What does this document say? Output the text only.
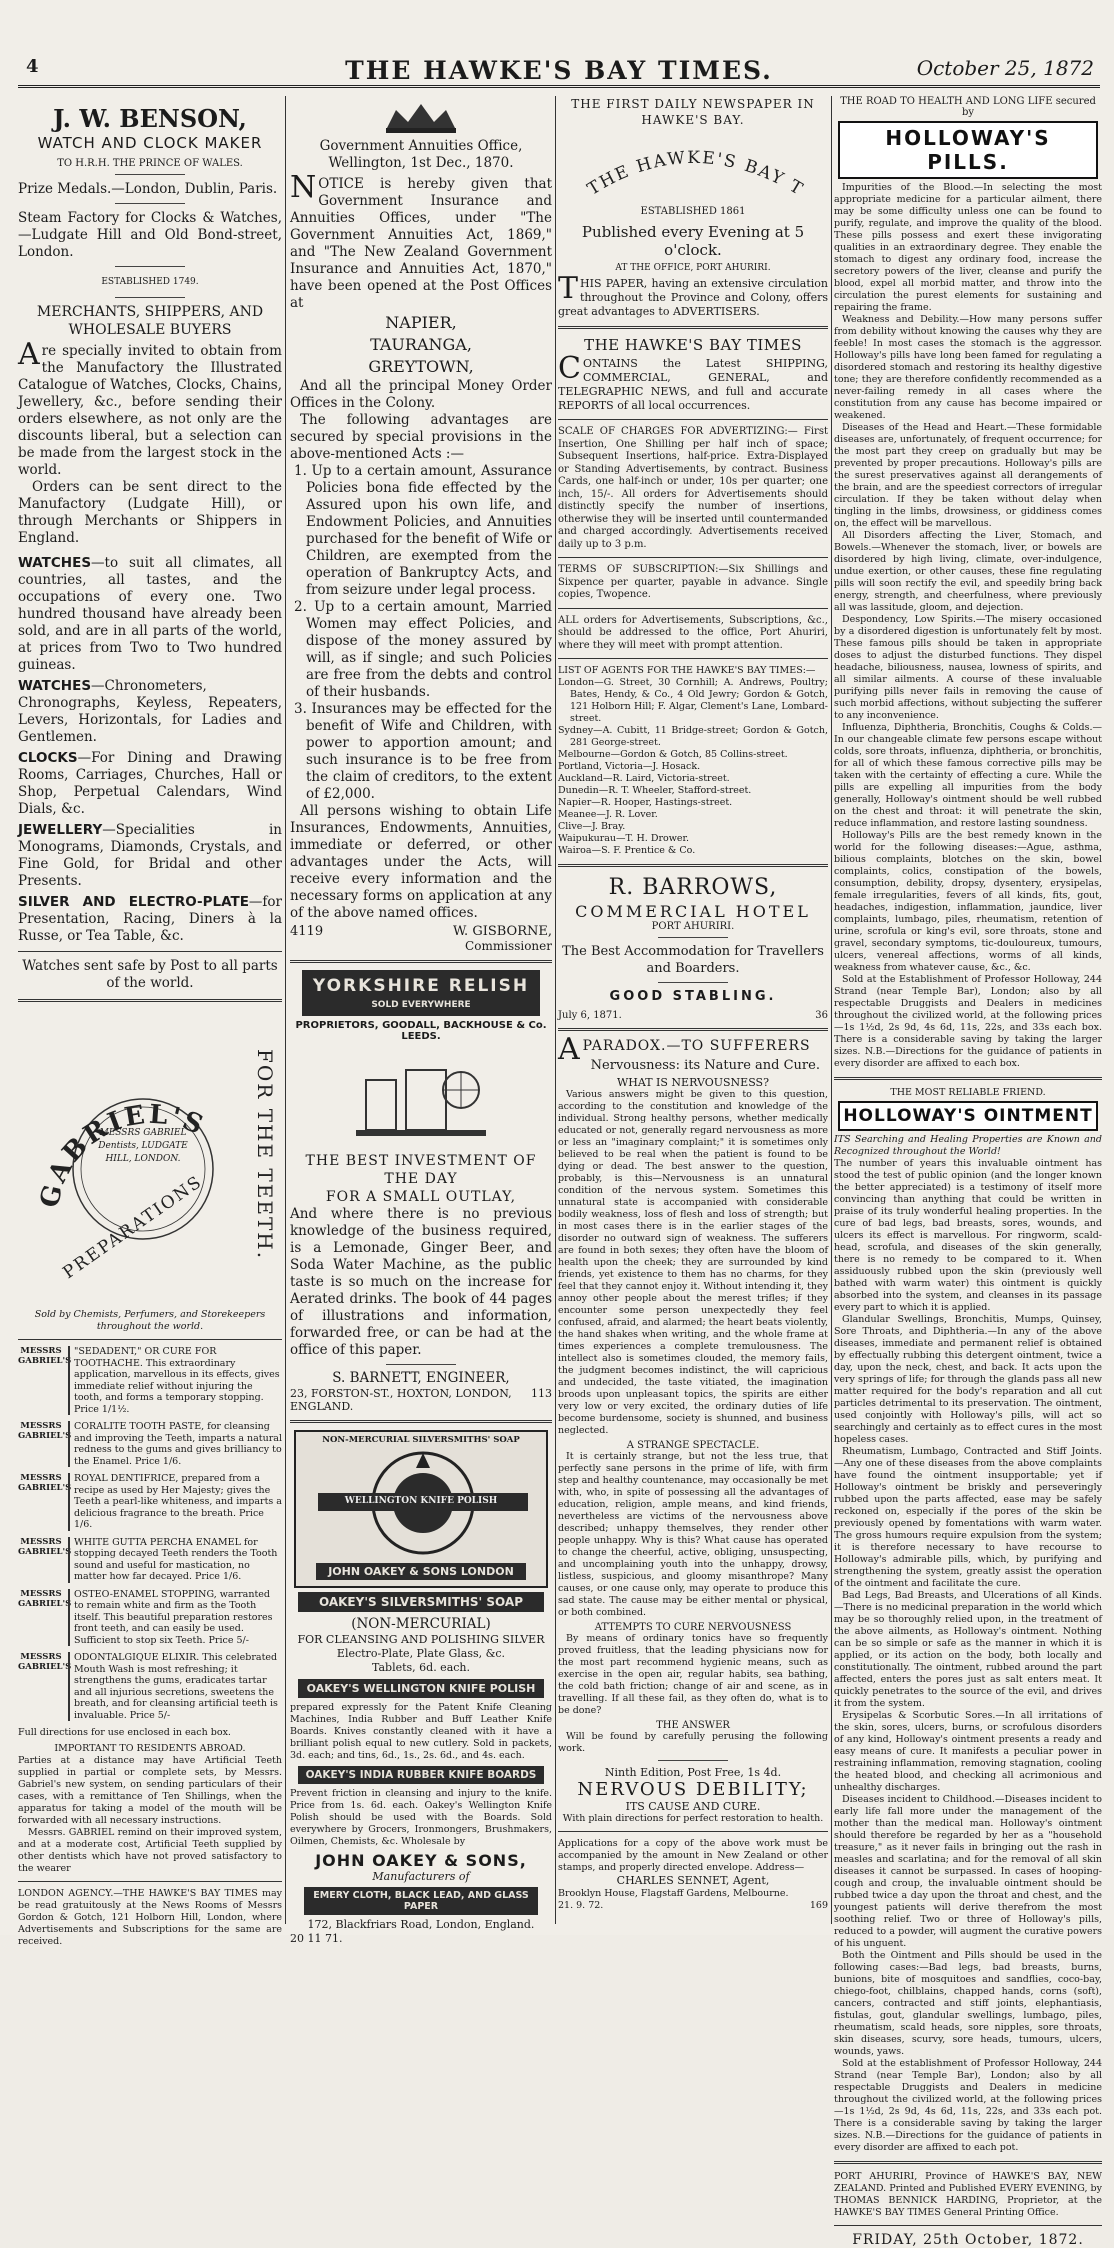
4	THE HAWKE'S BAY TIMES.	October 25, 1872
J. W. BENSON,
WATCH AND CLOCK MAKER
TO H.R.H. THE PRINCE OF WALES.

Prize Medals.—London, Dublin, Paris.

Steam Factory for Clocks & Watches, —Ludgate Hill and Old Bond-street, London.

ESTABLISHED 1749.
MERCHANTS, SHIPPERS, AND WHOLESALE BUYERS

Are specially invited to obtain from the Manufactory the Illustrated Catalogue of Watches, Clocks, Chains, Jewellery, &c., before sending their orders elsewhere, as not only are the discounts liberal, but a selection can be made from the largest stock in the world.

Orders can be sent direct to the Manufactory (Ludgate Hill), or through Merchants or Shippers in England.

WATCHES—to suit all climates, all countries, all tastes, and the occupations of every one. Two hundred thousand have already been sold, and are in all parts of the world, at prices from Two to Two hundred guineas.

WATCHES—Chronometers, Chronographs, Keyless, Repeaters, Levers, Horizontals, for Ladies and Gentlemen.

CLOCKS—For Dining and Drawing Rooms, Carriages, Churches, Hall or Shop, Perpetual Calendars, Wind Dials, &c.

JEWELLERY—Specialities in Monograms, Diamonds, Crystals, and Fine Gold, for Bridal and other Presents.

SILVER AND ELECTRO-PLATE—for Presentation, Racing, Diners à la Russe, or Tea Table, &c.

Watches sent safe by Post to all parts of the world.

GABRIEL'S FOR THE TEETH.
PREPARATIONS
MESSRS GABRIEL Dentists, LUDGATE HILL, LONDON.

Sold by Chemists, Perfumers, and Storekeepers throughout the world.

MESSRS GABRIEL'S
"SEDADENT," OR CURE FOR TOOTHACHE. This extraordinary application, marvellous in its effects, gives immediate relief without injuring the tooth, and forms a temporary stopping. Price 1/1½.
MESSRS GABRIEL'S
CORALITE TOOTH PASTE, for cleansing and improving the Teeth, imparts a natural redness to the gums and gives brilliancy to the Enamel. Price 1/6.
MESSRS GABRIEL'S
ROYAL DENTIFRICE, prepared from a recipe as used by Her Majesty; gives the Teeth a pearl-like whiteness, and imparts a delicious fragrance to the breath. Price 1/6.
MESSRS GABRIEL'S
WHITE GUTTA PERCHA ENAMEL for stopping decayed Teeth renders the Tooth sound and useful for mastication, no matter how far decayed. Price 1/6.
MESSRS GABRIEL'S
OSTEO-ENAMEL STOPPING, warranted to remain white and firm as the Tooth itself. This beautiful preparation restores front teeth, and can easily be used. Sufficient to stop six Teeth. Price 5/-
MESSRS GABRIEL'S
ODONTALGIQUE ELIXIR. This celebrated Mouth Wash is most refreshing; it strengthens the gums, eradicates tartar and all injurious secretions, sweetens the breath, and for cleansing artificial teeth is invaluable. Price 5/-

Full directions for use enclosed in each box.

IMPORTANT TO RESIDENTS ABROAD.

Parties at a distance may have Artificial Teeth supplied in partial or complete sets, by Messrs. Gabriel's new system, on sending particulars of their cases, with a remittance of Ten Shillings, when the apparatus for taking a model of the mouth will be forwarded with all necessary instructions.

Messrs. GABRIEL remind on their improved system, and at a moderate cost, Artificial Teeth supplied by other dentists which have not proved satisfactory to the wearer

LONDON AGENCY.—THE HAWKE'S BAY TIMES may be read gratuitously at the News Rooms of Messrs Gordon & Gotch, 121 Holborn Hill, London, where Advertisements and Subscriptions for the same are received.

Government Annuities Office,
Wellington, 1st Dec., 1870.

NOTICE is hereby given that Government Insurance and Annuities Offices, under "The Government Annuities Act, 1869," and "The New Zealand Government Insurance and Annuities Act, 1870," have been opened at the Post Offices at

NAPIER,
TAURANGA,
GREYTOWN,

And all the principal Money Order Offices in the Colony.

The following advantages are secured by special provisions in the above-mentioned Acts :—

1. Up to a certain amount, Assurance Policies bona fide effected by the Assured upon his own life, and Endowment Policies, and Annuities purchased for the benefit of Wife or Children, are exempted from the operation of Bankruptcy Acts, and from seizure under legal process.

2. Up to a certain amount, Married Women may effect Policies, and dispose of the money assured by will, as if single; and such Policies are free from the debts and control of their husbands.

3. Insurances may be effected for the benefit of Wife and Children, with power to apportion amount; and such insurance is to be free from the claim of creditors, to the extent of £2,000.

All persons wishing to obtain Life Insurances, Endowments, Annuities, immediate or deferred, or other advantages under the Acts, will receive every information and the necessary forms on application at any of the above named offices.

4119	W. GISBORNE,
Commissioner
YORKSHIRE RELISH
SOLD EVERYWHERE
PROPRIETORS, GOODALL, BACKHOUSE & Co. LEEDS.
THE BEST INVESTMENT OF THE DAY
FOR A SMALL OUTLAY,

And where there is no previous knowledge of the business required, is a Lemonade, Ginger Beer, and Soda Water Machine, as the public taste is so much on the increase for Aerated drinks. The book of 44 pages of illustrations and information, forwarded free, or can be had at the office of this paper.

S. BARNETT, ENGINEER,
23, FORSTON-ST., HOXTON, LONDON, ENGLAND.
113
NON-MERCURIAL SILVERSMITHS' SOAP
WELLINGTON KNIFE POLISH
JOHN OAKEY & SONS LONDON
OAKEY'S SILVERSMITHS' SOAP
(NON-MERCURIAL)

FOR CLEANSING AND POLISHING SILVER Electro-Plate, Plate Glass, &c.

Tablets, 6d. each.
OAKEY'S WELLINGTON KNIFE POLISH

prepared expressly for the Patent Knife Cleaning Machines, India Rubber and Buff Leather Knife Boards. Knives constantly cleaned with it have a brilliant polish equal to new cutlery. Sold in packets, 3d. each; and tins, 6d., 1s., 2s. 6d., and 4s. each.

OAKEY'S INDIA RUBBER KNIFE BOARDS

Prevent friction in cleansing and injury to the knife. Price from 1s. 6d. each. Oakey's Wellington Knife Polish should be used with the Boards. Sold everywhere by Grocers, Ironmongers, Brushmakers, Oilmen, Chemists, &c. Wholesale by

JOHN OAKEY & SONS,
Manufacturers of
EMERY CLOTH, BLACK LEAD, AND GLASS PAPER
172, Blackfriars Road, London, England.
20 11 71.
THE FIRST DAILY NEWSPAPER IN HAWKE'S BAY.
THE HAWKE'S BAY T
ESTABLISHED 1861
Published every Evening at 5 o'clock.
AT THE OFFICE, PORT AHURIRI.

THIS PAPER, having an extensive circulation throughout the Province and Colony, offers great advantages to ADVERTISERS.

THE HAWKE'S BAY TIMES

CONTAINS the Latest SHIPPING, COMMERCIAL, GENERAL, and TELEGRAPHIC NEWS, and full and accurate REPORTS of all local occurrences.

SCALE OF CHARGES FOR ADVERTIZING:— First Insertion, One Shilling per half inch of space; Subsequent Insertions, half-price. Extra-Displayed or Standing Advertisements, by contract. Business Cards, one half-inch or under, 10s per quarter; one inch, 15/-. All orders for Advertisements should distinctly specify the number of insertions, otherwise they will be inserted until countermanded and charged accordingly. Advertisements received daily up to 3 p.m.

TERMS OF SUBSCRIPTION:—Six Shillings and Sixpence per quarter, payable in advance. Single copies, Twopence.

ALL orders for Advertisements, Subscriptions, &c., should be addressed to the office, Port Ahuriri, where they will meet with prompt attention.

LIST OF AGENTS FOR THE HAWKE'S BAY TIMES:—

London—G. Street, 30 Cornhill; A. Andrews, Poultry; Bates, Hendy, & Co., 4 Old Jewry; Gordon & Gotch, 121 Holborn Hill; F. Algar, Clement's Lane, Lombard-street.

Sydney—A. Cubitt, 11 Bridge-street; Gordon & Gotch, 281 George-street.

Melbourne—Gordon & Gotch, 85 Collins-street.

Portland, Victoria—J. Hosack.

Auckland—R. Laird, Victoria-street.

Dunedin—R. T. Wheeler, Stafford-street.

Napier—R. Hooper, Hastings-street.

Meanee—J. R. Lover.

Clive—J. Bray.

Waipukurau—T. H. Drower.

Wairoa—S. F. Prentice & Co.

R. BARROWS,
COMMERCIAL HOTEL
PORT AHURIRI.
The Best Accommodation for Travellers and Boarders.
GOOD STABLING.
July 6, 1871.	36
APARADOX.—TO SUFFERERS
Nervousness: its Nature and Cure.
WHAT IS NERVOUSNESS?

Various answers might be given to this question, according to the constitution and knowledge of the individual. Strong healthy persons, whether medically educated or not, generally regard nervousness as more or less an "imaginary complaint;" it is sometimes only believed to be real when the patient is found to be dying or dead. The best answer to the question, probably, is this—Nervousness is an unnatural condition of the nervous system. Sometimes this unnatural state is accompanied with considerable bodily weakness, loss of flesh and loss of strength; but in most cases there is in the earlier stages of the disorder no outward sign of weakness. The sufferers are found in both sexes; they often have the bloom of health upon the cheek; they are surrounded by kind friends, yet existence to them has no charms, for they feel that they cannot enjoy it. Without intending it, they annoy other people about the merest trifles; if they encounter some person unexpectedly they feel confused, afraid, and alarmed; the heart beats violently, the hand shakes when writing, and the whole frame at times experiences a complete tremulousness. The intellect also is sometimes clouded, the memory fails, the judgment becomes indistinct, the will capricious and undecided, the taste vitiated, the imagination broods upon unpleasant topics, the spirits are either very low or very excited, the ordinary duties of life become burdensome, society is shunned, and business neglected.

A STRANGE SPECTACLE.

It is certainly strange, but not the less true, that perfectly sane persons in the prime of life, with firm step and healthy countenance, may occasionally be met with, who, in spite of possessing all the advantages of education, religion, ample means, and kind friends, nevertheless are victims of the nervousness above described; unhappy themselves, they render other people unhappy. Why is this? What cause has operated to change the cheerful, active, obliging, unsuspecting, and uncomplaining youth into the unhappy, drowsy, listless, suspicious, and gloomy misanthrope? Many causes, or one cause only, may operate to produce this sad state. The cause may be either mental or physical, or both combined.

ATTEMPTS TO CURE NERVOUSNESS

By means of ordinary tonics have so frequently proved fruitless, that the leading physicians now for the most part recommend hygienic means, such as exercise in the open air, regular habits, sea bathing, the cold bath friction; change of air and scene, as in travelling. If all these fail, as they often do, what is to be done?

THE ANSWER

Will be found by carefully perusing the following work.

Ninth Edition, Post Free, 1s 4d.
NERVOUS DEBILITY;
ITS CAUSE AND CURE.
With plain directions for perfect restoration to health.

Applications for a copy of the above work must be accompanied by the amount in New Zealand or other stamps, and properly directed envelope. Address—

CHARLES SENNET, Agent,
Brooklyn House, Flagstaff Gardens, Melbourne.
21. 9. 72.	169
THE ROAD TO HEALTH AND LONG LIFE secured by
HOLLOWAY'S PILLS.

Impurities of the Blood.—In selecting the most appropriate medicine for a particular ailment, there may be some difficulty unless one can be found to purify, regulate, and improve the quality of the blood. These pills possess and exert these invigorating qualities in an extraordinary degree. They enable the stomach to digest any ordinary food, increase the secretory powers of the liver, cleanse and purify the blood, expel all morbid matter, and throw into the circulation the purest elements for sustaining and repairing the frame.

Weakness and Debility.—How many persons suffer from debility without knowing the causes why they are feeble! In most cases the stomach is the aggressor. Holloway's pills have long been famed for regulating a disordered stomach and restoring its healthy digestive tone; they are therefore confidently recommended as a never-failing remedy in all cases where the constitution from any cause has become impaired or weakened.

Diseases of the Head and Heart.—These formidable diseases are, unfortunately, of frequent occurrence; for the most part they creep on gradually but may be prevented by proper precautions. Holloway's pills are the surest preservatives against all derangements of the brain, and are the speediest correctors of irregular circulation. If they be taken without delay when tingling in the limbs, drowsiness, or giddiness comes on, the effect will be marvellous.

All Disorders affecting the Liver, Stomach, and Bowels.—Whenever the stomach, liver, or bowels are disordered by high living, climate, over-indulgence, undue exertion, or other causes, these fine regulating pills will soon rectify the evil, and speedily bring back energy, strength, and cheerfulness, where previously all was lassitude, gloom, and dejection.

Despondency, Low Spirits.—The misery occasioned by a disordered digestion is unfortunately felt by most. These famous pills should be taken in appropriate doses to adjust the disturbed functions. They dispel headache, biliousness, nausea, lowness of spirits, and all similar ailments. A course of these invaluable purifying pills never fails in removing the cause of such morbid affections, without subjecting the sufferer to any inconvenience.

Influenza, Diphtheria, Bronchitis, Coughs & Colds.—In our changeable climate few persons escape without colds, sore throats, influenza, diphtheria, or bronchitis, for all of which these famous corrective pills may be taken with the certainty of effecting a cure. While the pills are expelling all impurities from the body generally, Holloway's ointment should be well rubbed on the chest and throat: it will penetrate the skin, reduce inflammation, and restore lasting soundness.

Holloway's Pills are the best remedy known in the world for the following diseases:—Ague, asthma, bilious complaints, blotches on the skin, bowel complaints, colics, constipation of the bowels, consumption, debility, dropsy, dysentery, erysipelas, female irregularities, fevers of all kinds, fits, gout, headaches, indigestion, inflammation, jaundice, liver complaints, lumbago, piles, rheumatism, retention of urine, scrofula or king's evil, sore throats, stone and gravel, secondary symptoms, tic-douloureux, tumours, ulcers, venereal affections, worms of all kinds, weakness from whatever cause, &c., &c.

Sold at the Establishment of Professor Holloway, 244 Strand (near Temple Bar), London; also by all respectable Druggists and Dealers in medicines throughout the civilized world, at the following prices—1s 1½d, 2s 9d, 4s 6d, 11s, 22s, and 33s each box. There is a considerable saving by taking the larger sizes. N.B.—Directions for the guidance of patients in every disorder are affixed to each box.

THE MOST RELIABLE FRIEND.
HOLLOWAY'S OINTMENT

ITS Searching and Healing Properties are Known and Recognized throughout the World!

The number of years this invaluable ointment has stood the test of public opinion (and the longer known the better appreciated) is a testimony of itself more convincing than anything that could be written in praise of its truly wonderful healing properties. In the cure of bad legs, bad breasts, sores, wounds, and ulcers its effect is marvellous. For ringworm, scald-head, scrofula, and diseases of the skin generally, there is no remedy to be compared to it. When assiduously rubbed upon the skin (previously well bathed with warm water) this ointment is quickly absorbed into the system, and cleanses in its passage every part to which it is applied.

Glandular Swellings, Bronchitis, Mumps, Quinsey, Sore Throats, and Diphtheria.—In any of the above diseases, immediate and permanent relief is obtained by effectually rubbing this detergent ointment, twice a day, upon the neck, chest, and back. It acts upon the very springs of life; for through the glands pass all new matter required for the body's reparation and all cut particles detrimental to its preservation. The ointment, used conjointly with Holloway's pills, will act so searchingly and certainly as to effect cures in the most hopeless cases.

Rheumatism, Lumbago, Contracted and Stiff Joints. —Any one of these diseases from the above complaints have found the ointment insupportable; yet if Holloway's ointment be briskly and perseveringly rubbed upon the parts affected, ease may be safely reckoned on, especially if the pores of the skin be previously opened by fomentations with warm water. The gross humours require expulsion from the system; it is therefore necessary to have recourse to Holloway's admirable pills, which, by purifying and strengthening the system, greatly assist the operation of the ointment and facilitate the cure.

Bad Legs, Bad Breasts, and Ulcerations of all Kinds. —There is no medicinal preparation in the world which may be so thoroughly relied upon, in the treatment of the above ailments, as Holloway's ointment. Nothing can be so simple or safe as the manner in which it is applied, or its action on the body, both locally and constitutionally. The ointment, rubbed around the part affected, enters the pores just as salt enters meat. It quickly penetrates to the source of the evil, and drives it from the system.

Erysipelas & Scorbutic Sores.—In all irritations of the skin, sores, ulcers, burns, or scrofulous disorders of any kind, Holloway's ointment presents a ready and easy means of cure. It manifests a peculiar power in restraining inflammation, removing stagnation, cooling the heated blood, and checking all acrimonious and unhealthy discharges.

Diseases incident to Childhood.—Diseases incident to early life fall more under the management of the mother than the medical man. Holloway's ointment should therefore be regarded by her as a "household treasure," as it never fails in bringing out the rash in measles and scarlatina; and for the removal of all skin diseases it cannot be surpassed. In cases of hooping-cough and croup, the invaluable ointment should be rubbed twice a day upon the throat and chest, and the youngest patients will derive therefrom the most soothing relief. Two or three of Holloway's pills, reduced to a powder, will augment the curative powers of his unguent.

Both the Ointment and Pills should be used in the following cases:—Bad legs, bad breasts, burns, bunions, bite of mosquitoes and sandflies, coco-bay, chiego-foot, chilblains, chapped hands, corns (soft), cancers, contracted and stiff joints, elephantiasis, fistulas, gout, glandular swellings, lumbago, piles, rheumatism, scald heads, sore nipples, sore throats, skin diseases, scurvy, sore heads, tumours, ulcers, wounds, yaws.

Sold at the establishment of Professor Holloway, 244 Strand (near Temple Bar), London; also by all respectable Druggists and Dealers in medicine throughout the civilized world, at the following prices—1s 1½d, 2s 9d, 4s 6d, 11s, 22s, and 33s each pot. There is a considerable saving by taking the larger sizes. N.B.—Directions for the guidance of patients in every disorder are affixed to each pot.

PORT AHURIRI, Province of HAWKE'S BAY, NEW ZEALAND. Printed and Published EVERY EVENING, by THOMAS BENNICK HARDING, Proprietor, at the HAWKE'S BAY TIMES General Printing Office.

FRIDAY, 25th October, 1872.
